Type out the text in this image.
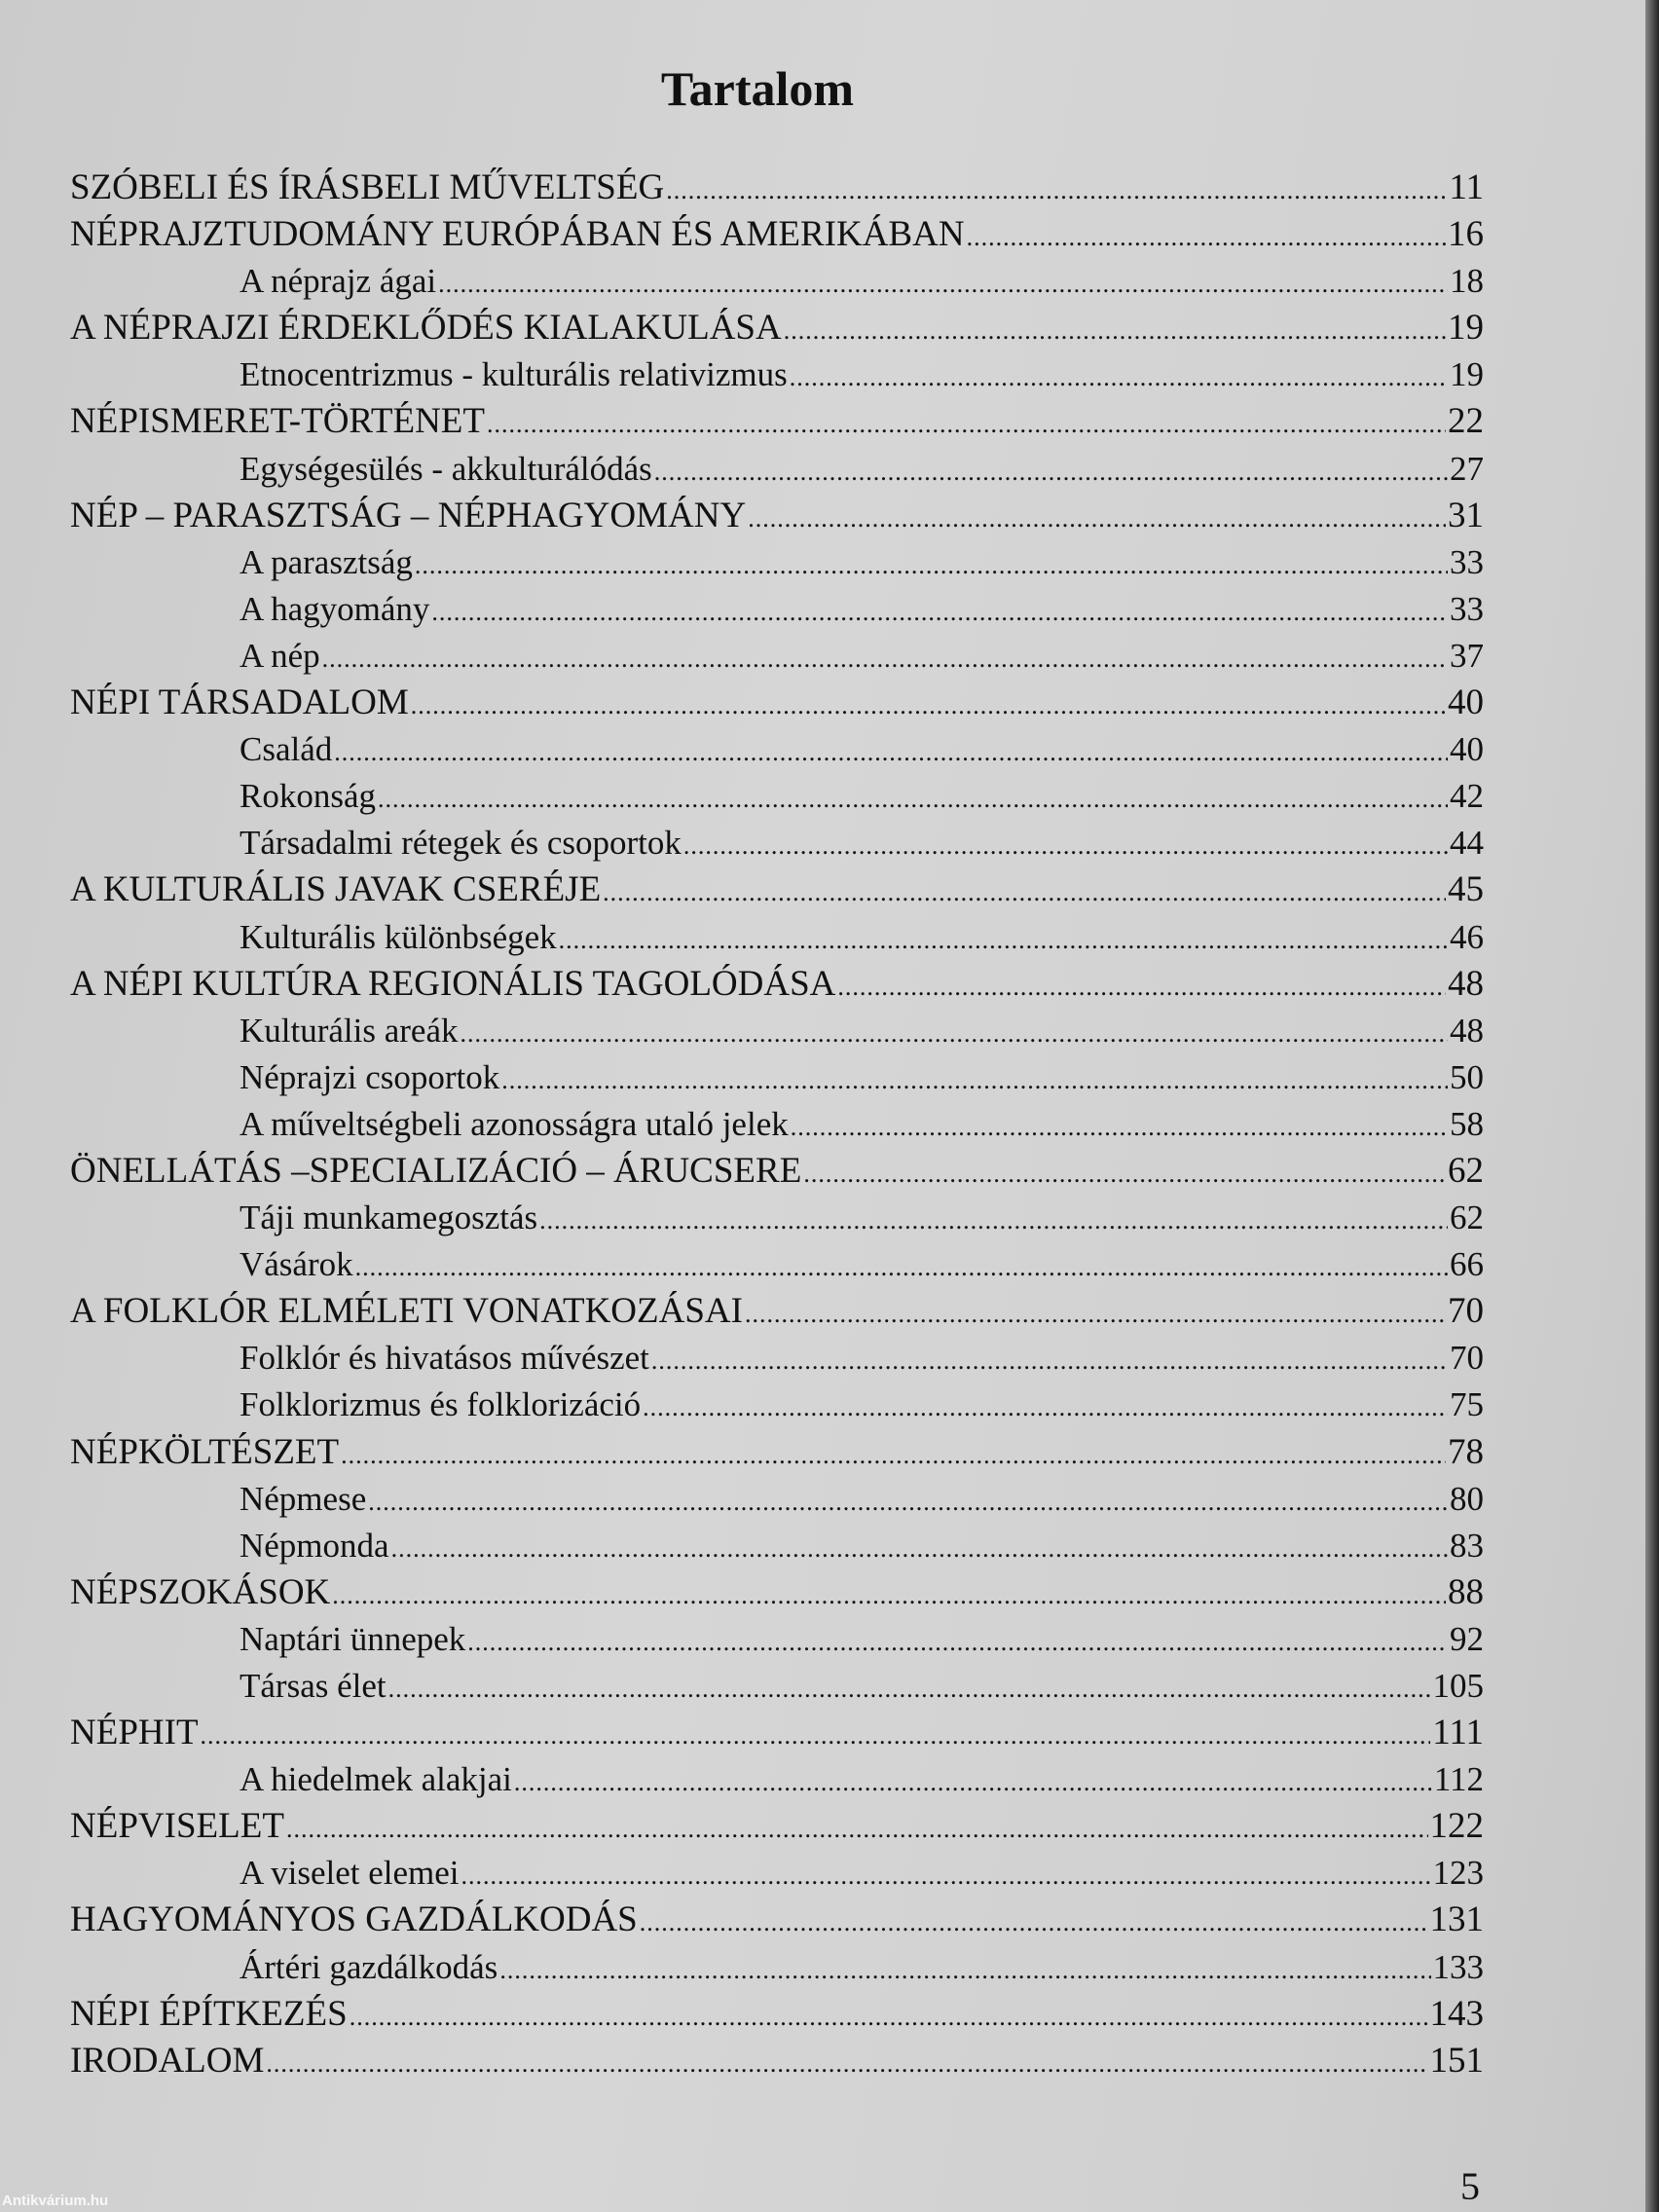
Tartalom
SZÓBELI ÉS ÍRÁSBELI MŰVELTSÉG .....	11
NÉPRAJZTUDOMÁNY EURÓPÁBAN ÉS AMERIKÁBAN .....	16
A néprajz ágai .....	18
A NÉPRAJZI ÉRDEKLŐDÉS KIALAKULÁSA .....	19
Etnocentrizmus - kulturális relativizmus .....	19
NÉPISMERET-TÖRTÉNET .....	22
Egységesülés - akkulturálódás .....	27
NÉP – PARASZTSÁG – NÉPHAGYOMÁNY .....	31
A parasztság .....	33
A hagyomány .....	33
A nép .....	37
NÉPI TÁRSADALOM .....	40
Család .....	40
Rokonság .....	42
Társadalmi rétegek és csoportok .....	44
A KULTURÁLIS JAVAK CSERÉJE .....	45
Kulturális különbségek .....	46
A NÉPI KULTÚRA REGIONÁLIS TAGOLÓDÁSA .....	48
Kulturális areák .....	48
Néprajzi csoportok .....	50
A műveltségbeli azonosságra utaló jelek .....	58
ÖNELLÁTÁS –SPECIALIZÁCIÓ – ÁRUCSERE .....	62
Táji munkamegosztás .....	62
Vásárok .....	66
A FOLKLÓR ELMÉLETI VONATKOZÁSAI .....	70
Folklór és hivatásos művészet .....	70
Folklorizmus és folklorizáció .....	75
NÉPKÖLTÉSZET .....	78
Népmese .....	80
Népmonda .....	83
NÉPSZOKÁSOK .....	88
Naptári ünnepek .....	92
Társas élet .....	105
NÉPHIT .....	111
A hiedelmek alakjai .....	112
NÉPVISELET .....	122
A viselet elemei .....	123
HAGYOMÁNYOS GAZDÁLKODÁS .....	131
Ártéri gazdálkodás .....	133
NÉPI ÉPÍTKEZÉS .....	143
IRODALOM .....	151
5
Antikvárium.hu
